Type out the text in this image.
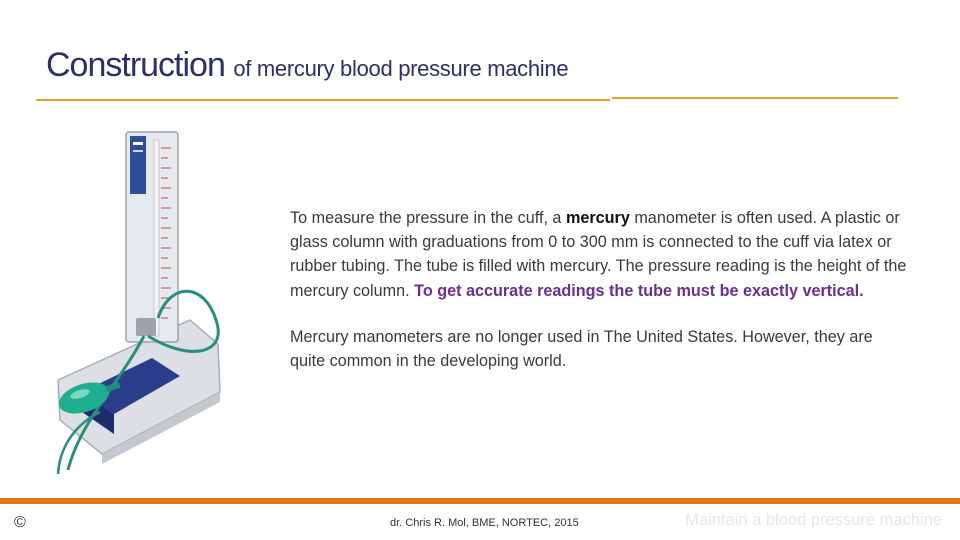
Construction of mercury blood pressure machine

To measure the pressure in the cuff, a mercury manometer is often used. A plastic or glass column with graduations from 0 to 300 mm is connected to the cuff via latex or rubber tubing. The tube is filled with mercury. The pressure reading is the height of the mercury column. To get accurate readings the tube must be exactly vertical.

Mercury manometers are no longer used in The United States. However, they are quite common in the developing world.

©	dr. Chris R. Mol, BME, NORTEC, 2015	Maintain a blood pressure machine
